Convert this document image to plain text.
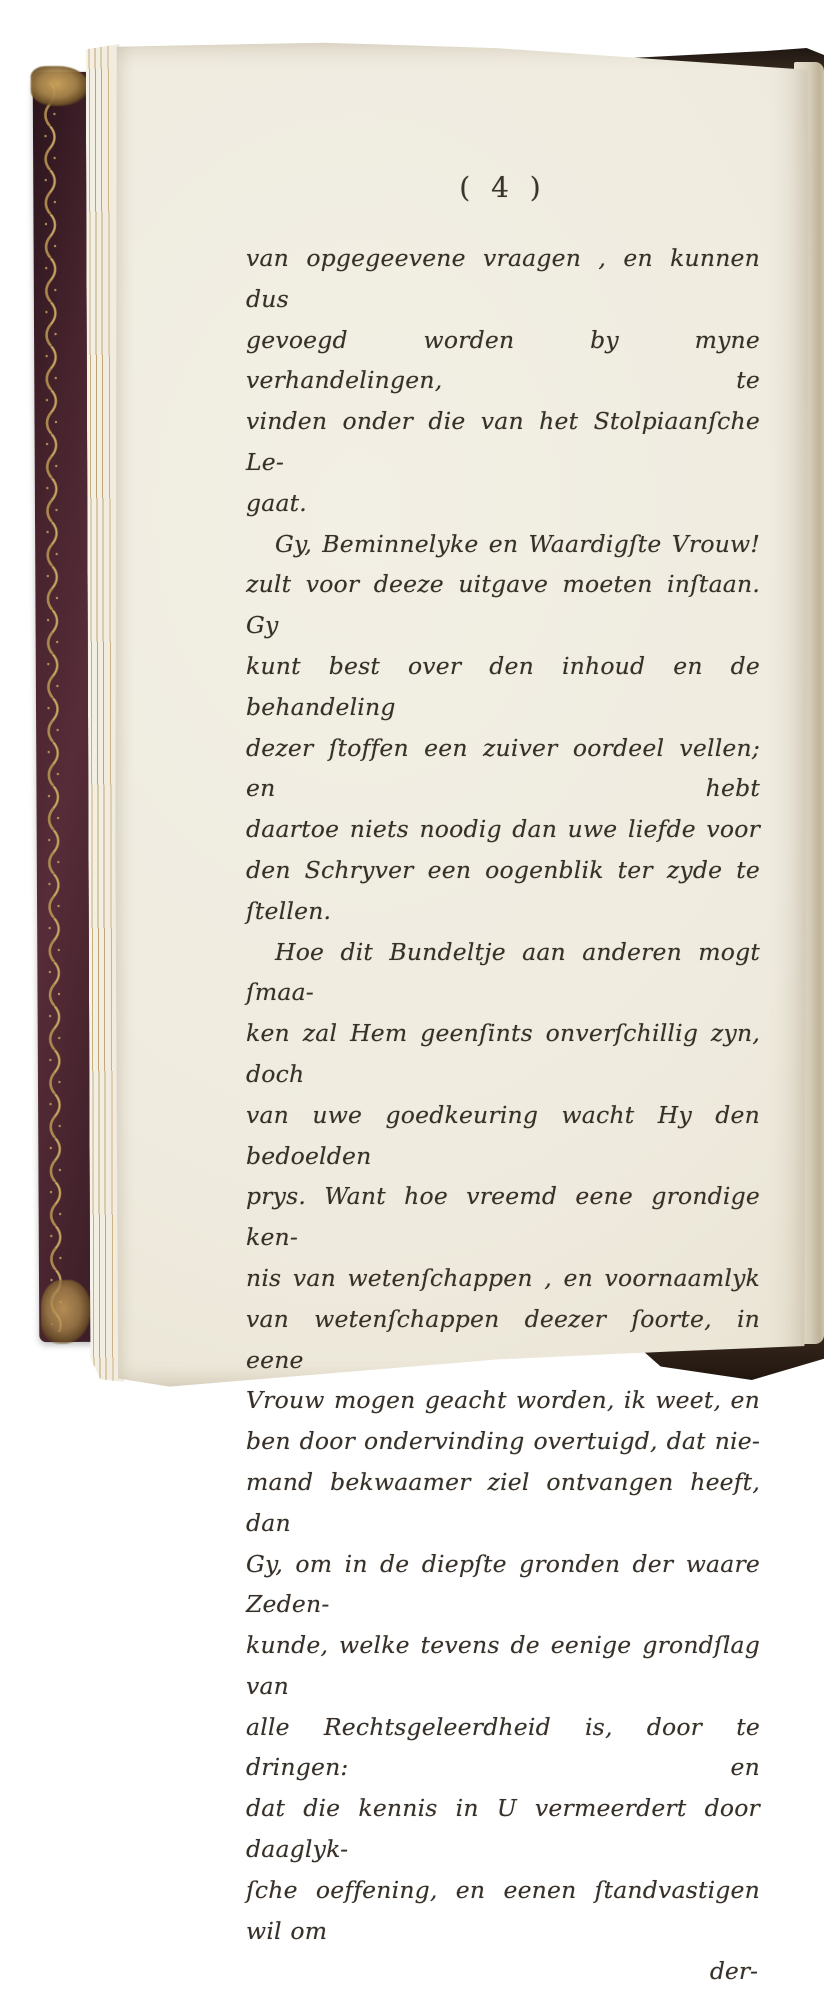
( 4 )
van opgegeevene vraagen , en kunnen dus
gevoegd worden by myne verhandelingen, te
vinden onder die van het Stolpiaanſche Le-
gaat.
Gy, Beminnelyke en Waardigſte Vrouw!
zult voor deeze uitgave moeten inſtaan. Gy
kunt best over den inhoud en de behandeling
dezer ſtoffen een zuiver oordeel vellen; en hebt
daartoe niets noodig dan uwe liefde voor
den Schryver een oogenblik ter zyde te ſtellen.
Hoe dit Bundeltje aan anderen mogt ſmaa-
ken zal Hem geenſints onverſchillig zyn, doch
van uwe goedkeuring wacht Hy den bedoelden
prys. Want hoe vreemd eene grondige ken-
nis van wetenſchappen , en voornaamlyk
van wetenſchappen deezer ſoorte, in eene
Vrouw mogen geacht worden, ik weet, en
ben door ondervinding overtuigd, dat nie-
mand bekwaamer ziel ontvangen heeft, dan
Gy, om in de diepſte gronden der waare Zeden-
kunde, welke tevens de eenige grondſlag van
alle Rechtsgeleerdheid is, door te dringen: en
dat die kennis in U vermeerdert door daaglyk-
ſche oeffening, en eenen ſtandvastigen wil om
der-
